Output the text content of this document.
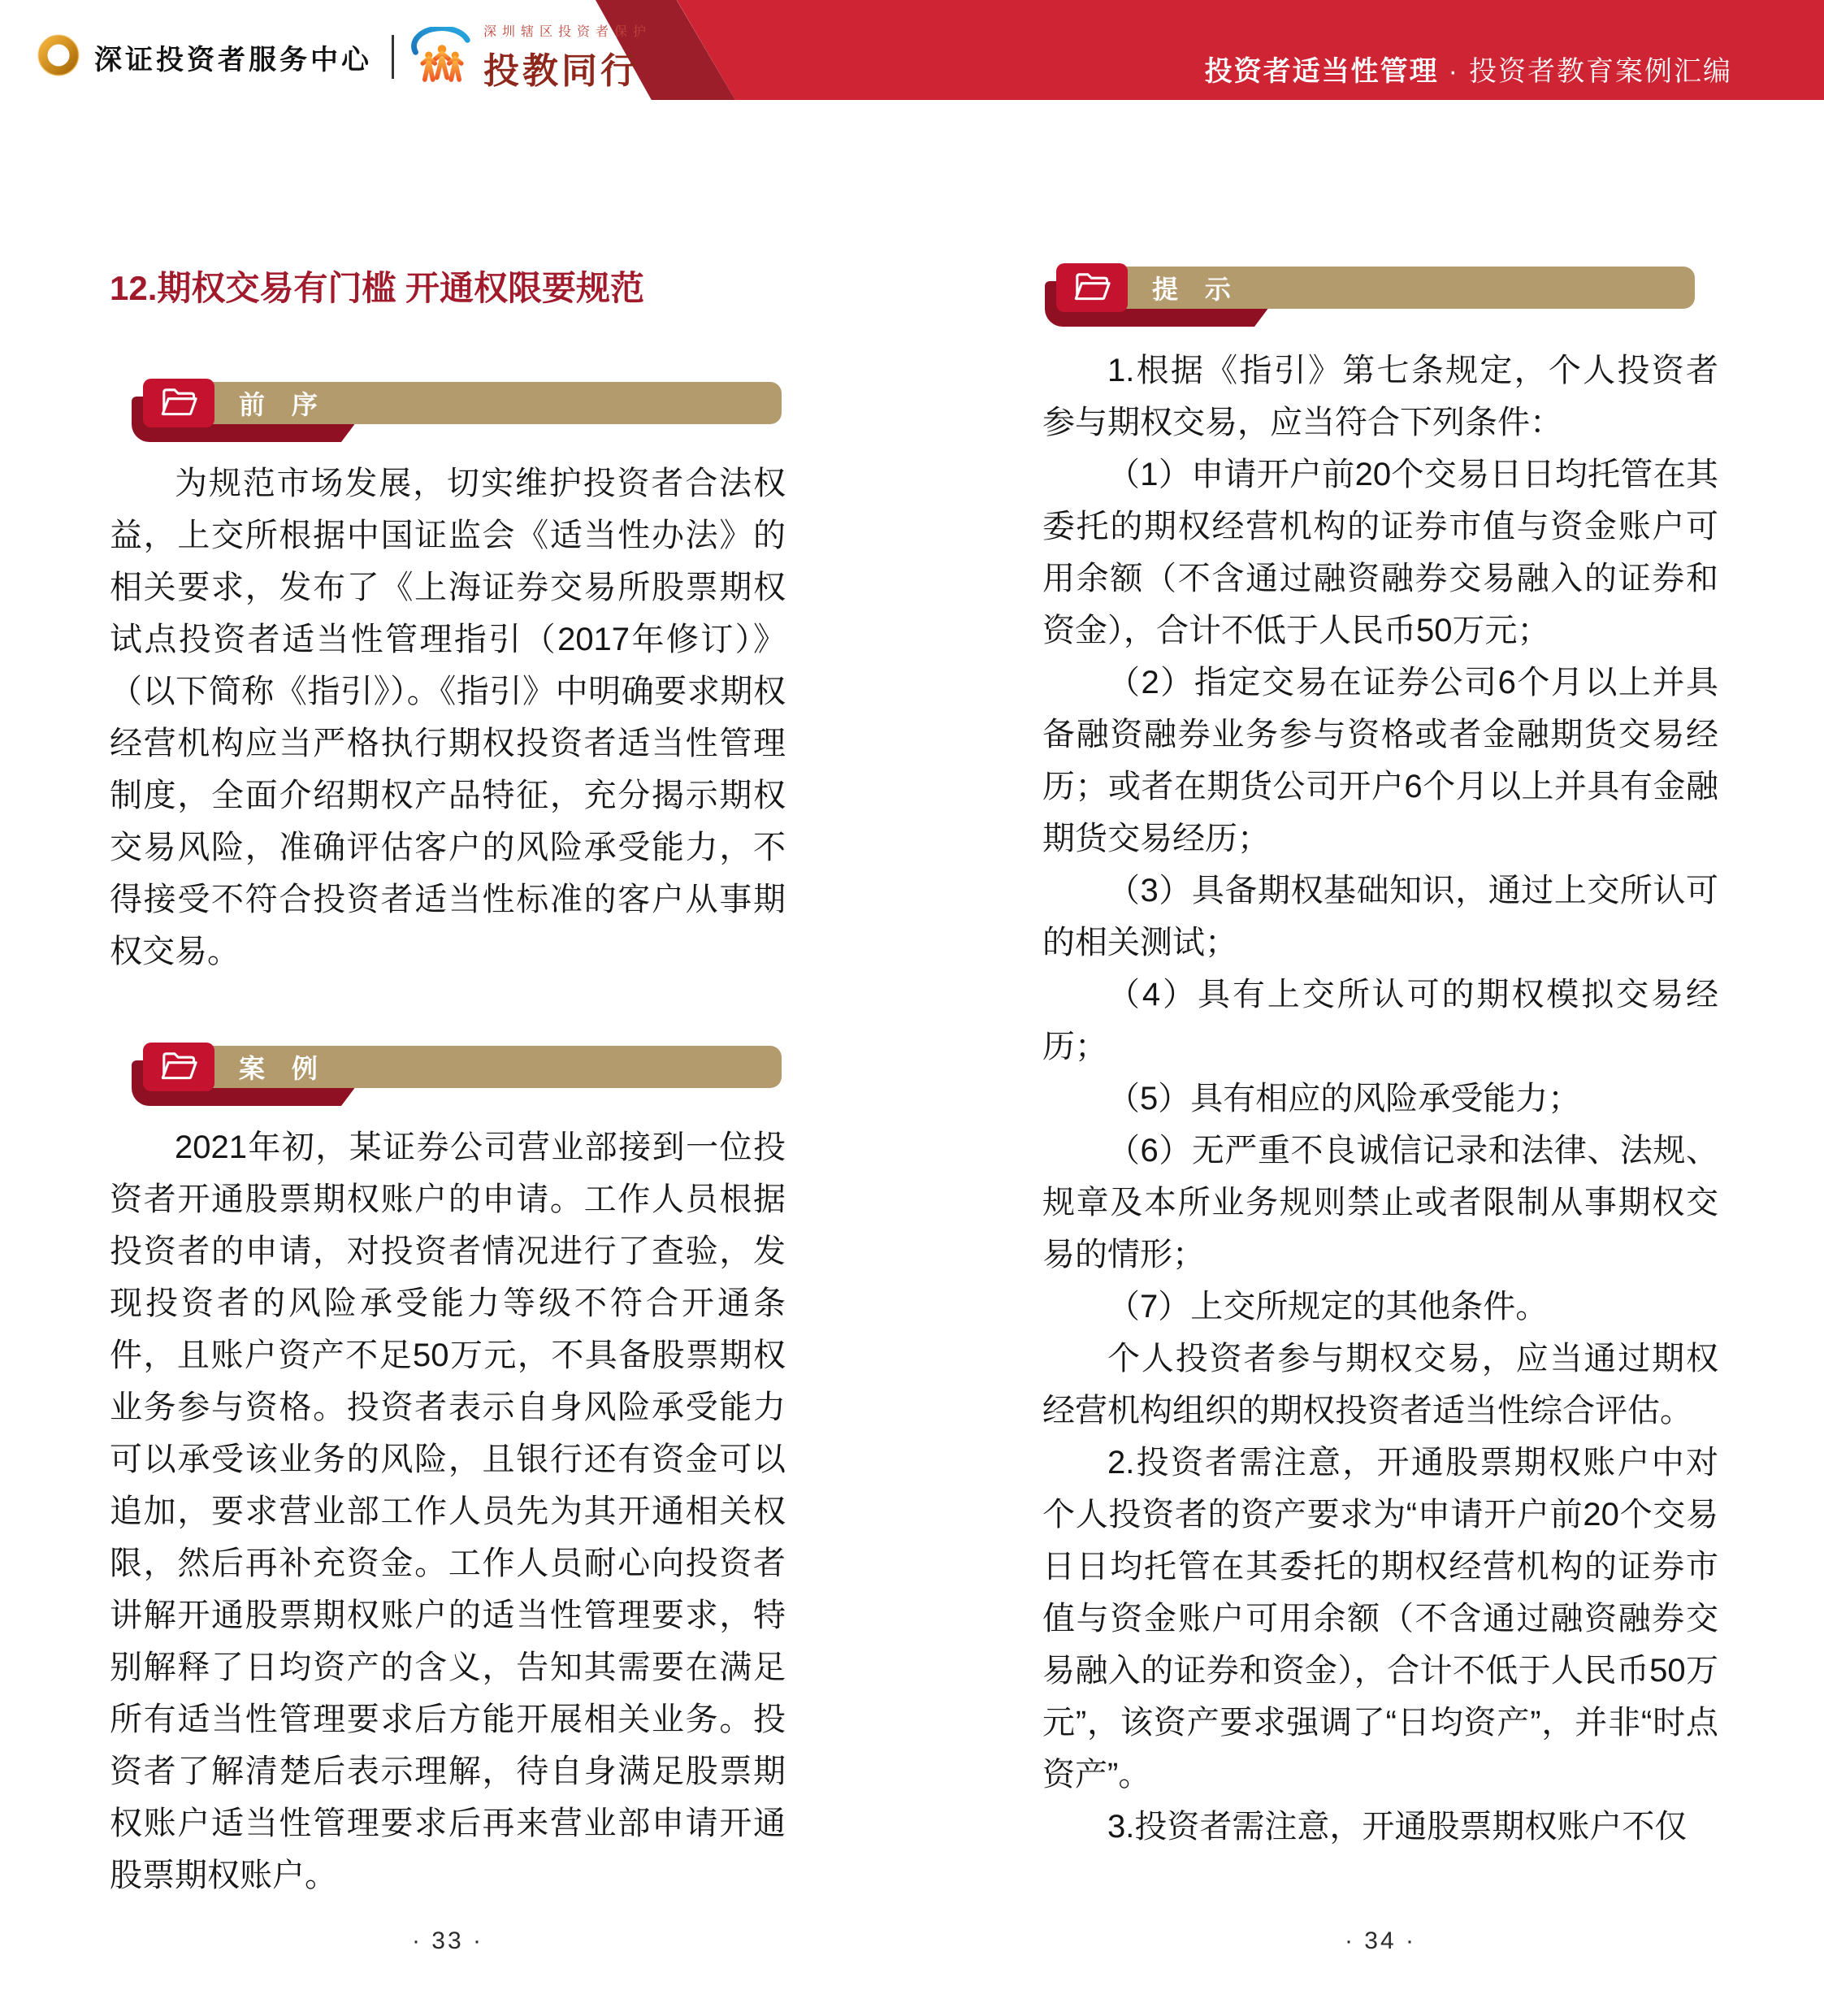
投资者适当性管理 · 投资者教育案例汇编
深证投资者服务中心
深圳辖区投资者保护
投教同行
12.期权交易有门槛 开通权限要规范
前 序

为规范市场发展，切实维护投资者合法权益，上交所根据中国证监会《适当性办法》的相关要求，发布了《上海证券交易所股票期权试点投资者适当性管理指引（2017年修订）》（以下简称《指引》）。《指引》中明确要求期权经营机构应当严格执行期权投资者适当性管理制度，全面介绍期权产品特征，充分揭示期权交易风险，准确评估客户的风险承受能力，不得接受不符合投资者适当性标准的客户从事期权交易。

案 例

2021年初，某证券公司营业部接到一位投资者开通股票期权账户的申请。工作人员根据投资者的申请，对投资者情况进行了查验，发现投资者的风险承受能力等级不符合开通条件，且账户资产不足50万元，不具备股票期权业务参与资格。投资者表示自身风险承受能力可以承受该业务的风险，且银行还有资金可以追加，要求营业部工作人员先为其开通相关权限，然后再补充资金。工作人员耐心向投资者讲解开通股票期权账户的适当性管理要求，特别解释了日均资产的含义，告知其需要在满足所有适当性管理要求后方能开展相关业务。投资者了解清楚后表示理解，待自身满足股票期权账户适当性管理要求后再来营业部申请开通股票期权账户。

· 33 ·
提 示

1.根据《指引》第七条规定，个人投资者参与期权交易，应当符合下列条件：

（1）申请开户前20个交易日日均托管在其委托的期权经营机构的证券市值与资金账户可用余额（不含通过融资融券交易融入的证券和资金），合计不低于人民币50万元；

（2）指定交易在证券公司6个月以上并具备融资融券业务参与资格或者金融期货交易经历；或者在期货公司开户6个月以上并具有金融期货交易经历；

（3）具备期权基础知识，通过上交所认可的相关测试；

（4）具有上交所认可的期权模拟交易经历；

（5）具有相应的风险承受能力；

（6）无严重不良诚信记录和法律、法规、规章及本所业务规则禁止或者限制从事期权交易的情形；

（7）上交所规定的其他条件。

个人投资者参与期权交易，应当通过期权经营机构组织的期权投资者适当性综合评估。

2.投资者需注意，开通股票期权账户中对个人投资者的资产要求为“申请开户前20个交易日日均托管在其委托的期权经营机构的证券市值与资金账户可用余额（不含通过融资融券交易融入的证券和资金），合计不低于人民币50万元”，该资产要求强调了“日均资产”，并非“时点资产”。

3.投资者需注意，开通股票期权账户不仅

· 34 ·
